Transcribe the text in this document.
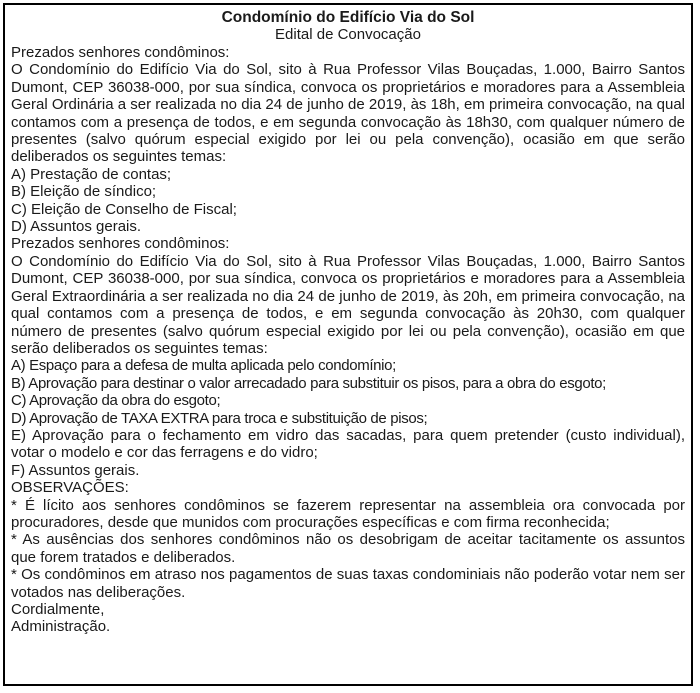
Condomínio do Edifício Via do Sol

Edital de Convocação

Prezados senhores condôminos:

O Condomínio do Edifício Via do Sol, sito à Rua Professor Vilas Bouçadas, 1.000, Bairro Santos Dumont, CEP 36038-000, por sua síndica, convoca os proprietários e moradores para a Assembleia Geral Ordinária a ser realizada no dia 24 de junho de 2019, às 18h, em primeira convocação, na qual contamos com a presença de todos, e em segunda convocação às 18h30, com qualquer número de presentes (salvo quórum especial exigido por lei ou pela convenção), ocasião em que serão deliberados os seguintes temas:

A) Prestação de contas;

B) Eleição de síndico;

C) Eleição de Conselho de Fiscal;

D) Assuntos gerais.

Prezados senhores condôminos:

O Condomínio do Edifício Via do Sol, sito à Rua Professor Vilas Bouçadas, 1.000, Bairro Santos Dumont, CEP 36038-000, por sua síndica, convoca os proprietários e moradores para a Assembleia Geral Extraordinária a ser realizada no dia 24 de junho de 2019, às 20h, em primeira convocação, na qual contamos com a presença de todos, e em segunda convocação às 20h30, com qualquer número de presentes (salvo quórum especial exigido por lei ou pela convenção), ocasião em que serão deliberados os seguintes temas:

A) Espaço para a defesa de multa aplicada pelo condomínio;

B) Aprovação para destinar o valor arrecadado para substituir os pisos, para a obra do esgoto;

C) Aprovação da obra do esgoto;

D) Aprovação de TAXA EXTRA para troca e substituição de pisos;

E) Aprovação para o fechamento em vidro das sacadas, para quem pretender (custo individual), votar o modelo e cor das ferragens e do vidro;

F) Assuntos gerais.

OBSERVAÇÕES:

* É lícito aos senhores condôminos se fazerem representar na assembleia ora convocada por procuradores, desde que munidos com procurações específicas e com firma reconhecida;

* As ausências dos senhores condôminos não os desobrigam de aceitar tacitamente os assuntos que forem tratados e deliberados.

* Os condôminos em atraso nos pagamentos de suas taxas condominiais não poderão votar nem ser votados nas deliberações.

Cordialmente,

Administração.
